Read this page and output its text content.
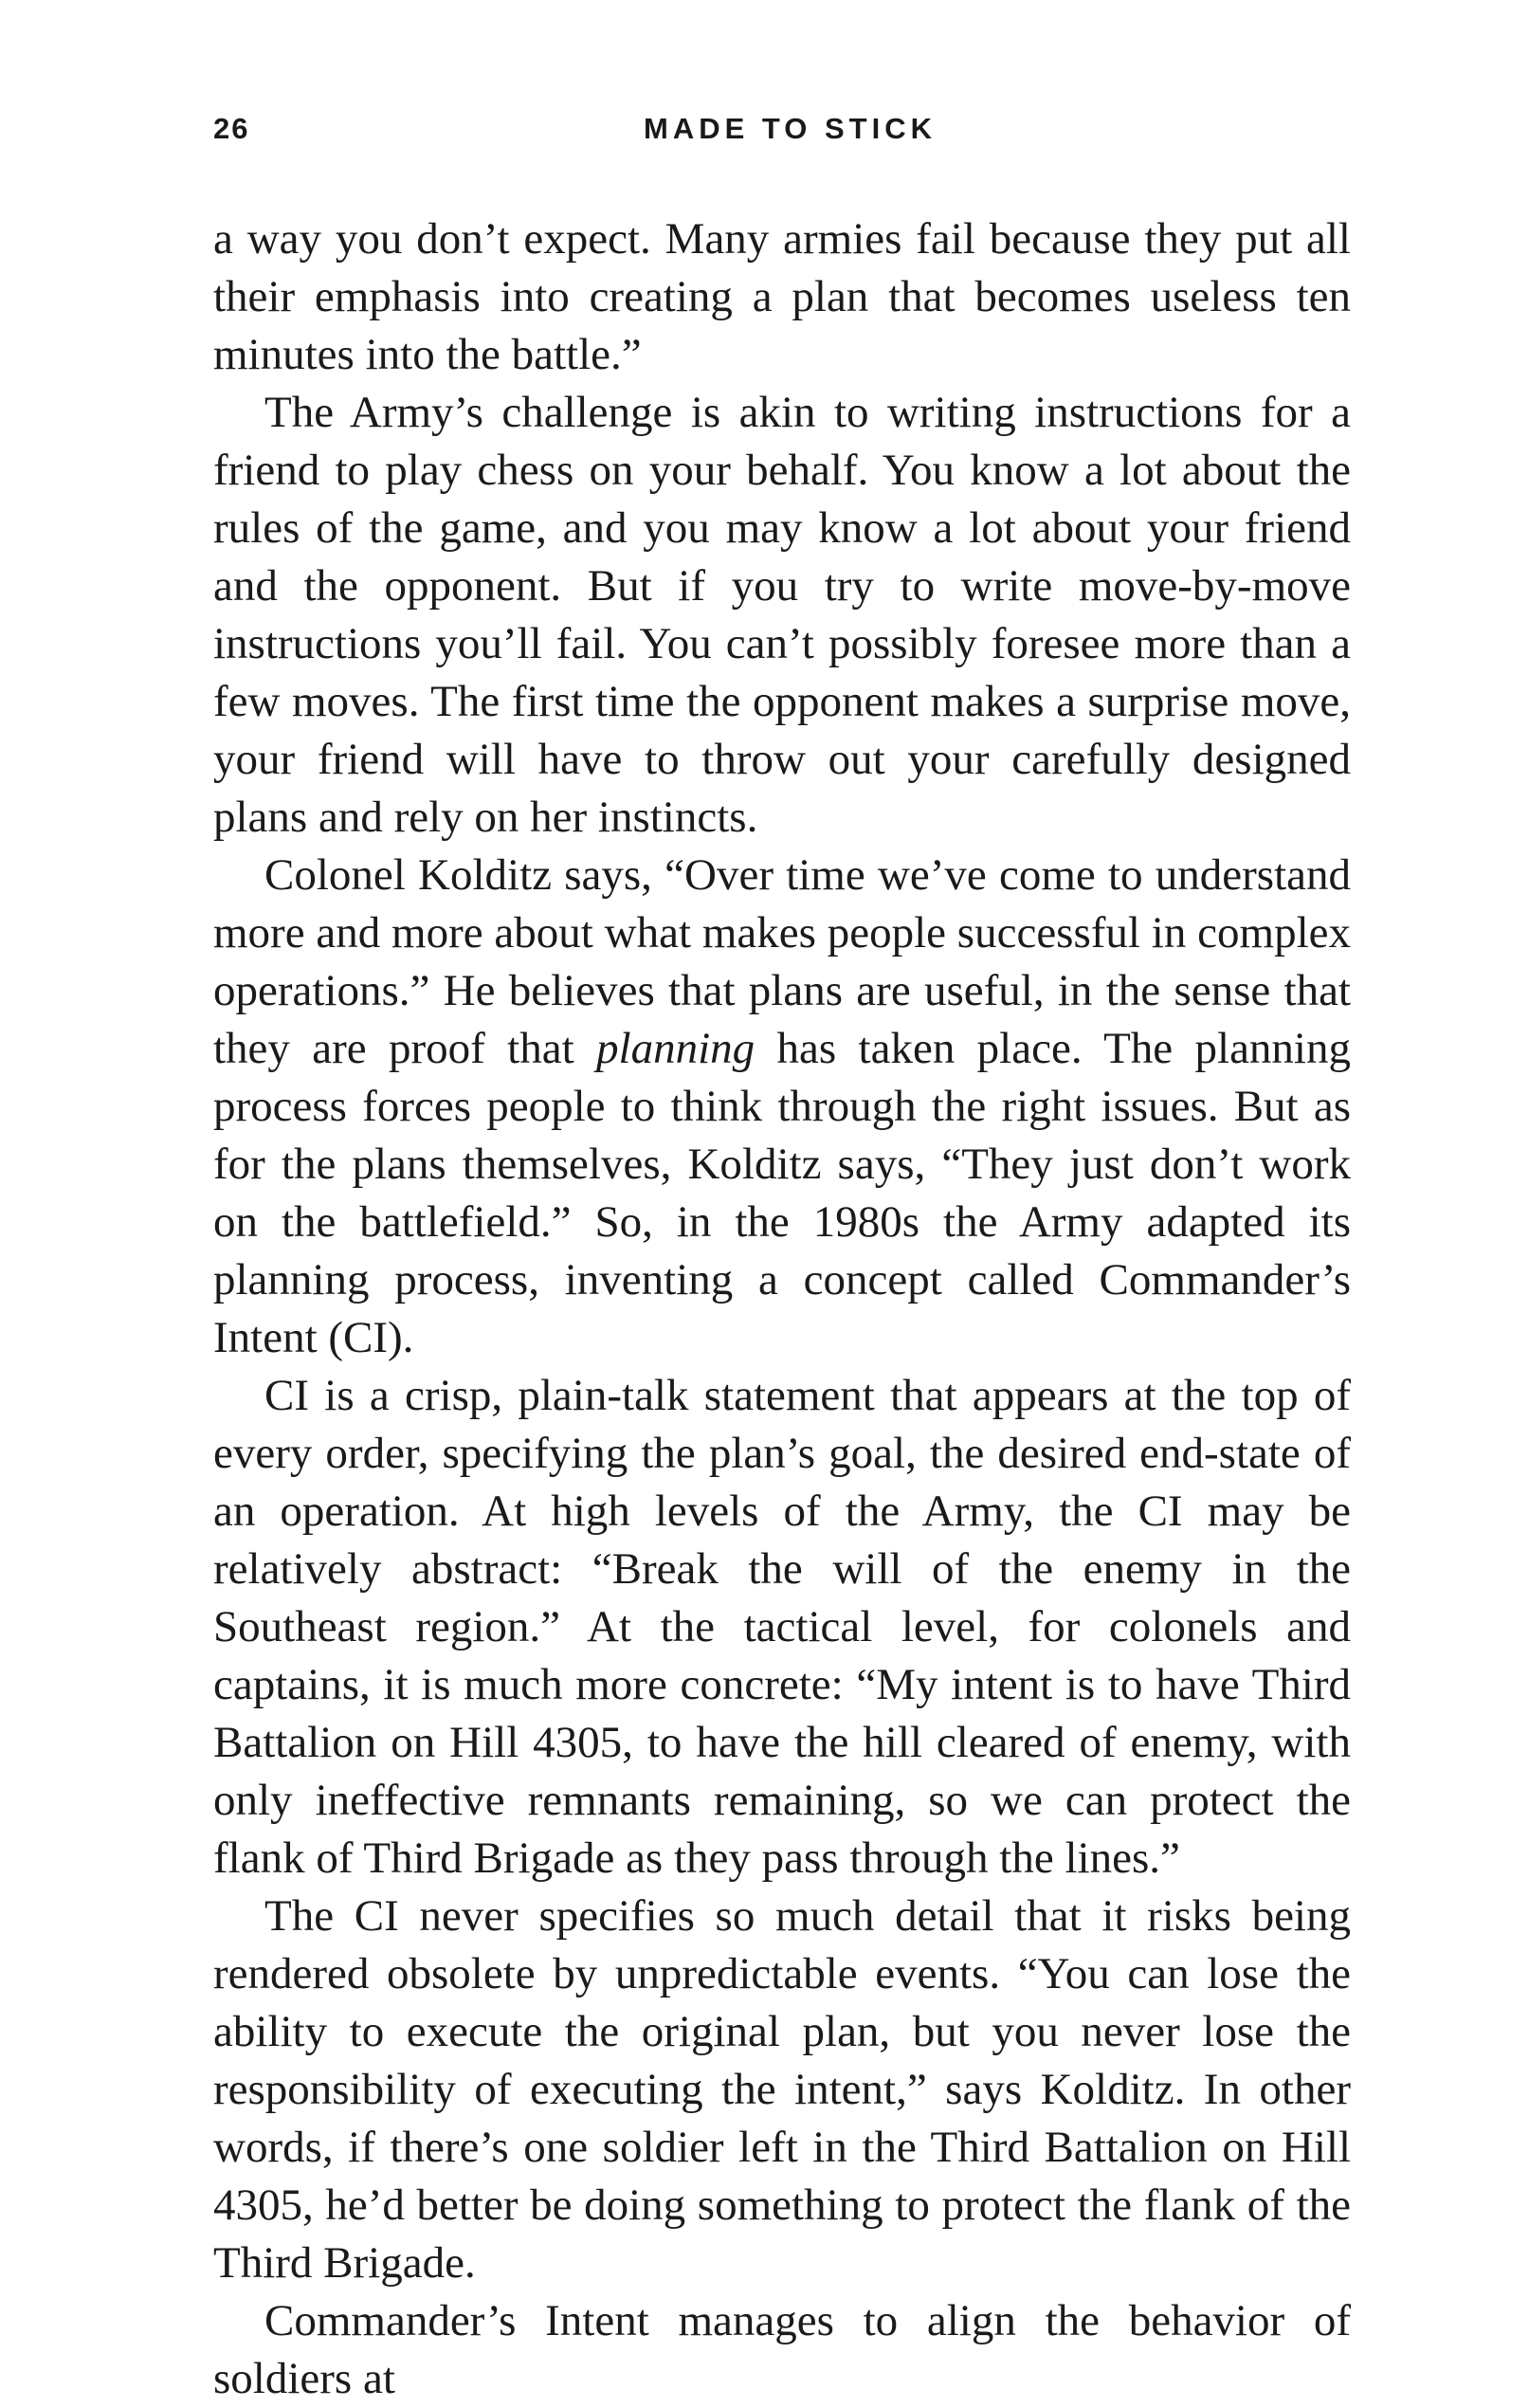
26	MADE TO STICK

a way you don’t expect. Many armies fail because they put all their emphasis into creating a plan that becomes useless ten minutes into the battle.”

The Army’s challenge is akin to writing instructions for a friend to play chess on your behalf. You know a lot about the rules of the game, and you may know a lot about your friend and the opponent. But if you try to write move-by-move instructions you’ll fail. You can’t possibly foresee more than a few moves. The first time the opponent makes a surprise move, your friend will have to throw out your carefully designed plans and rely on her instincts.

Colonel Kolditz says, “Over time we’ve come to understand more and more about what makes people successful in complex operations.” He believes that plans are useful, in the sense that they are proof that planning has taken place. The planning process forces people to think through the right issues. But as for the plans themselves, Kolditz says, “They just don’t work on the battlefield.” So, in the 1980s the Army adapted its planning process, inventing a concept called Commander’s Intent (CI).

CI is a crisp, plain-talk statement that appears at the top of every order, specifying the plan’s goal, the desired end-state of an operation. At high levels of the Army, the CI may be relatively abstract: “Break the will of the enemy in the Southeast region.” At the tactical level, for colonels and captains, it is much more concrete: “My intent is to have Third Battalion on Hill 4305, to have the hill cleared of enemy, with only ineffective remnants remaining, so we can protect the flank of Third Brigade as they pass through the lines.”

The CI never specifies so much detail that it risks being rendered obsolete by unpredictable events. “You can lose the ability to execute the original plan, but you never lose the responsibility of executing the intent,” says Kolditz. In other words, if there’s one soldier left in the Third Battalion on Hill 4305, he’d better be doing something to protect the flank of the Third Brigade.

Commander’s Intent manages to align the behavior of soldiers at
